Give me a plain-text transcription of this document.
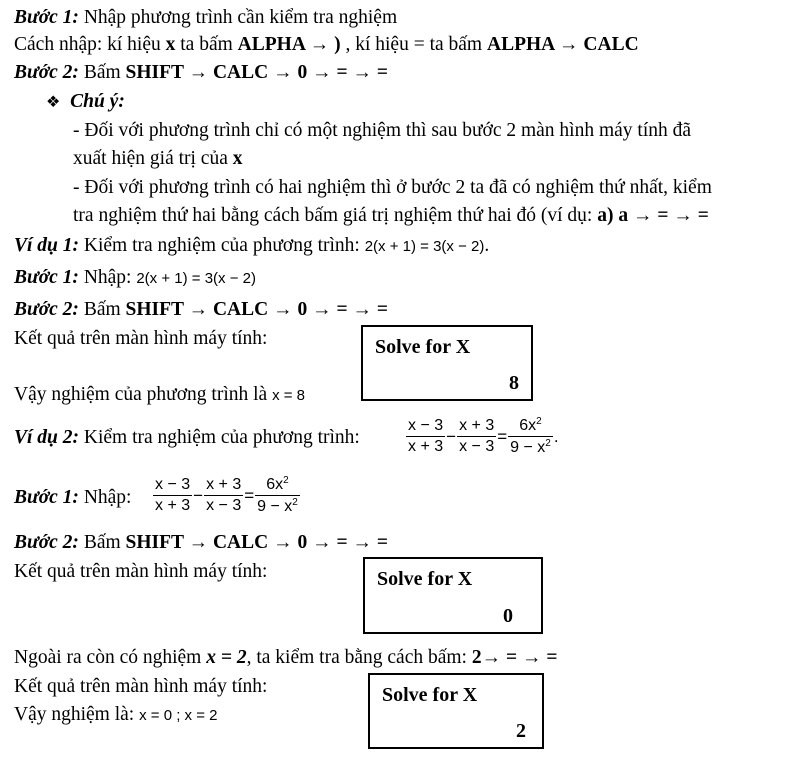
Bước 1: Nhập phương trình cần kiểm tra nghiệm
Cách nhập: kí hiệu x ta bấm ALPHA → ) , kí hiệu = ta bấm ALPHA → CALC
Bước 2: Bấm SHIFT → CALC → 0 → = → =
❖ Chú ý:
- Đối với phương trình chỉ có một nghiệm thì sau bước 2 màn hình máy tính đã
xuất hiện giá trị của x
- Đối với phương trình có hai nghiệm thì ở bước 2 ta đã có nghiệm thứ nhất, kiểm
tra nghiệm thứ hai bằng cách bấm giá trị nghiệm thứ hai đó (ví dụ: a) a → = → =
Ví dụ 1: Kiểm tra nghiệm của phương trình: 2(x + 1) = 3(x − 2).
Bước 1: Nhập: 2(x + 1) = 3(x − 2)
Bước 2: Bấm SHIFT → CALC → 0 → = → =
Kết quả trên màn hình máy tính:
Vậy nghiệm của phương trình là x = 8
Solve for X
8
Ví dụ 2: Kiểm tra nghiệm của phương trình:	$\frac{x - 3}{x + 3} - \frac{x + 3}{x - 3} = \frac{6x^2}{9 - x^2}$ .
Bước 1: Nhập: $\frac{x - 3}{x + 3} - \frac{x + 3}{x - 3} = \frac{6x^2}{9 - x^2}$
Bước 2: Bấm SHIFT → CALC → 0 → = → =
Kết quả trên màn hình máy tính:	Solve for X
0
Ngoài ra còn có nghiệm x = 2, ta kiểm tra bằng cách bấm: 2→ = → =
Kết quả trên màn hình máy tính:
Vậy nghiệm là: x = 0 ; x = 2
Solve for X
2
